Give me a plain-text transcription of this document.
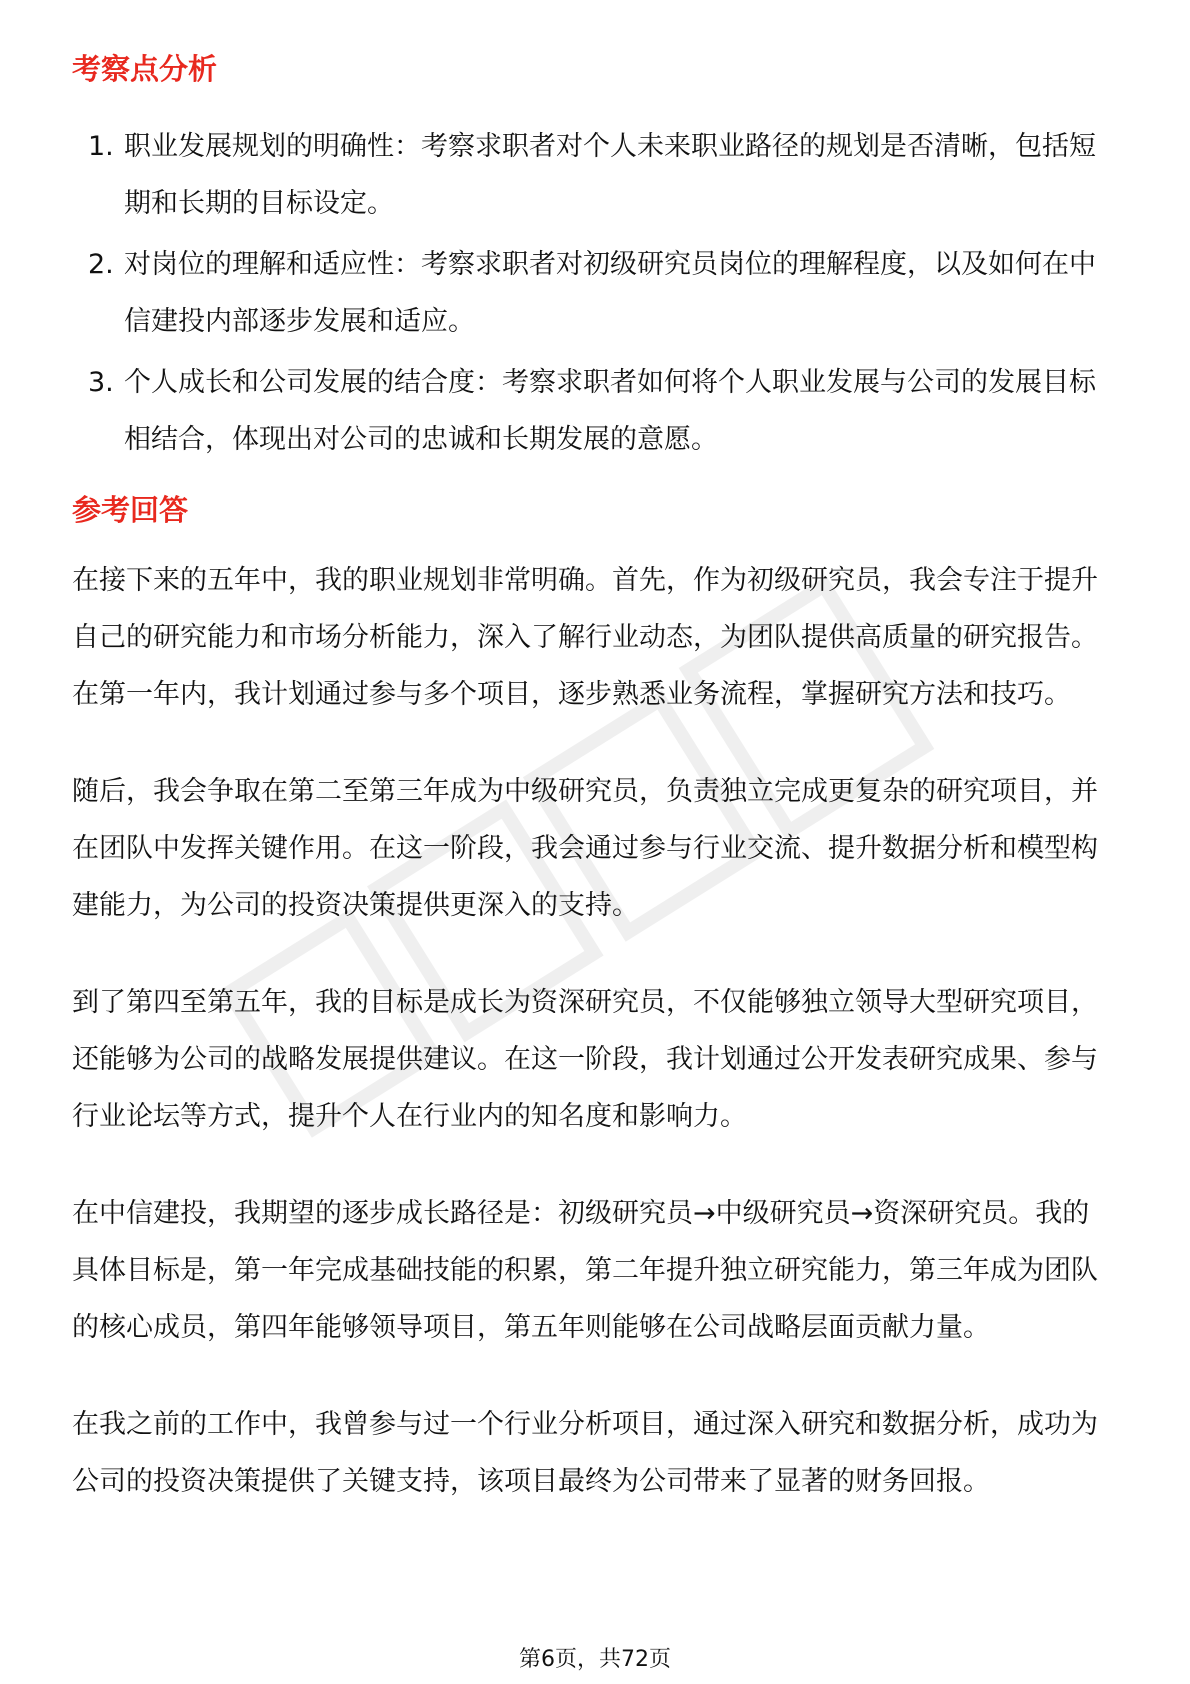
考察点分析
1. 职业发展规划的明确性：考察求职者对个人未来职业路径的规划是否清晰，包括短期和长期的目标设定。
2. 对岗位的理解和适应性：考察求职者对初级研究员岗位的理解程度，以及如何在中信建投内部逐步发展和适应。
3. 个人成长和公司发展的结合度：考察求职者如何将个人职业发展与公司的发展目标相结合，体现出对公司的忠诚和长期发展的意愿。
参考回答

在接下来的五年中，我的职业规划非常明确。首先，作为初级研究员，我会专注于提升自己的研究能力和市场分析能力，深入了解行业动态，为团队提供高质量的研究报告。在第一年内，我计划通过参与多个项目，逐步熟悉业务流程，掌握研究方法和技巧。

随后，我会争取在第二至第三年成为中级研究员，负责独立完成更复杂的研究项目，并在团队中发挥关键作用。在这一阶段，我会通过参与行业交流、提升数据分析和模型构建能力，为公司的投资决策提供更深入的支持。

到了第四至第五年，我的目标是成长为资深研究员，不仅能够独立领导大型研究项目，还能够为公司的战略发展提供建议。在这一阶段，我计划通过公开发表研究成果、参与行业论坛等方式，提升个人在行业内的知名度和影响力。

在中信建投，我期望的逐步成长路径是：初级研究员→中级研究员→资深研究员。我的具体目标是，第一年完成基础技能的积累，第二年提升独立研究能力，第三年成为团队的核心成员，第四年能够领导项目，第五年则能够在公司战略层面贡献力量。

在我之前的工作中，我曾参与过一个行业分析项目，通过深入研究和数据分析，成功为公司的投资决策提供了关键支持，该项目最终为公司带来了显著的财务回报。

第6页，共72页
